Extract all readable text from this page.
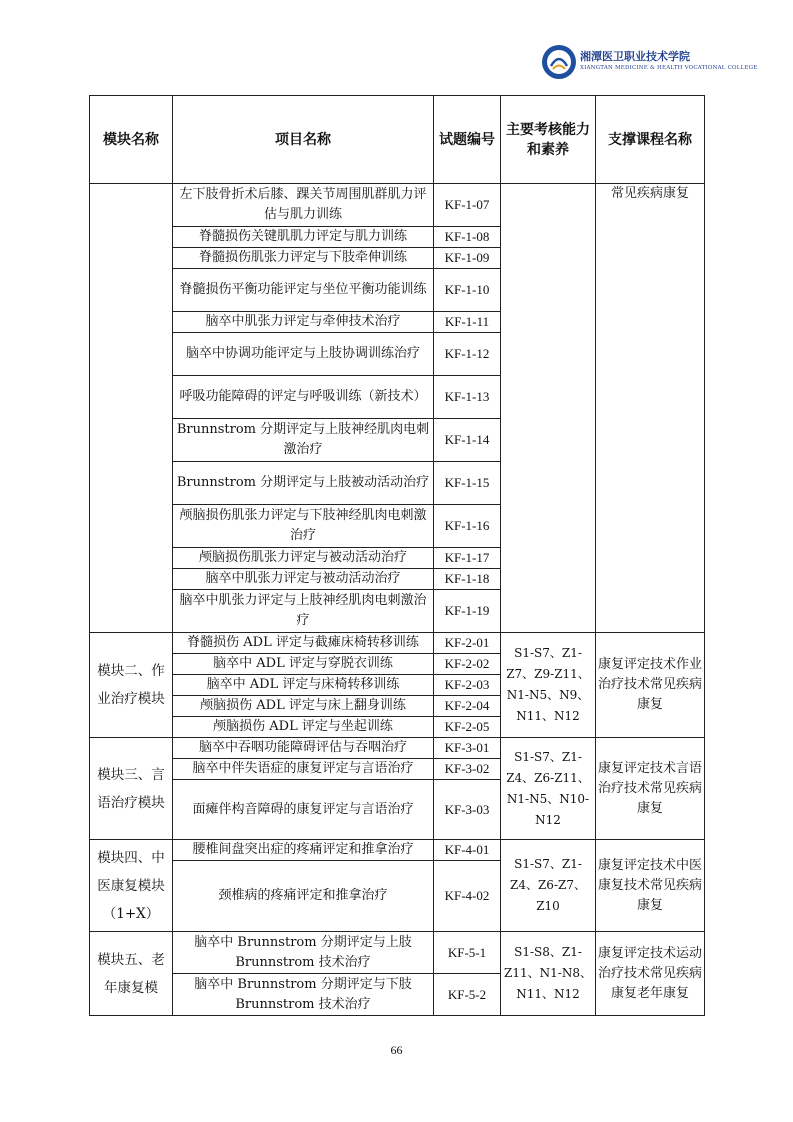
湘潭医卫职业技术学院
XIANGTAN MEDICINE & HEALTH VOCATIONAL COLLEGE
模块名称	项目名称	试题编号	主要考核能力和素养	支撑课程名称
	左下肢骨折术后膝、踝关节周围肌群肌力评估与肌力训练	KF-1-07		常见疾病康复
	脊髓损伤关键肌肌力评定与肌力训练	KF-1-08		
	脊髓损伤肌张力评定与下肢牵伸训练	KF-1-09		
	脊髓损伤平衡功能评定与坐位平衡功能训练	KF-1-10		
	脑卒中肌张力评定与牵伸技术治疗	KF-1-11		
	脑卒中协调功能评定与上肢协调训练治疗	KF-1-12		
	呼吸功能障碍的评定与呼吸训练（新技术）	KF-1-13		
	Brunnstrom 分期评定与上肢神经肌肉电刺激治疗	KF-1-14		
	Brunnstrom 分期评定与上肢被动活动治疗	KF-1-15		
	颅脑损伤肌张力评定与下肢神经肌肉电刺激治疗	KF-1-16		
	颅脑损伤肌张力评定与被动活动治疗	KF-1-17		
	脑卒中肌张力评定与被动活动治疗	KF-1-18		
	脑卒中肌张力评定与上肢神经肌肉电刺激治疗	KF-1-19		
模块二、作业治疗模块	脊髓损伤 ADL 评定与截瘫床椅转移训练	KF-2-01	S1-S7、Z1-Z7、Z9-Z11、N1-N5、N9、N11、N12	康复评定技术作业治疗技术常见疾病康复
	脑卒中 ADL 评定与穿脱衣训练	KF-2-02		
	脑卒中 ADL 评定与床椅转移训练	KF-2-03		
	颅脑损伤 ADL 评定与床上翻身训练	KF-2-04		
	颅脑损伤 ADL 评定与坐起训练	KF-2-05		
模块三、言语治疗模块	脑卒中吞咽功能障碍评估与吞咽治疗	KF-3-01	S1-S7、Z1-Z4、Z6-Z11、N1-N5、N10-N12	康复评定技术言语治疗技术常见疾病康复
	脑卒中伴失语症的康复评定与言语治疗	KF-3-02		
	面瘫伴构音障碍的康复评定与言语治疗	KF-3-03		
模块四、中医康复模块（1+X）	腰椎间盘突出症的疼痛评定和推拿治疗	KF-4-01	S1-S7、Z1-Z4、Z6-Z7、Z10	康复评定技术中医康复技术常见疾病康复
	颈椎病的疼痛评定和推拿治疗	KF-4-02		
模块五、老年康复模	脑卒中 Brunnstrom 分期评定与上肢 Brunnstrom 技术治疗	KF-5-1	S1-S8、Z1-Z11、N1-N8、N11、N12	康复评定技术运动治疗技术常见疾病康复老年康复
	脑卒中 Brunnstrom 分期评定与下肢 Brunnstrom 技术治疗	KF-5-2		
66
